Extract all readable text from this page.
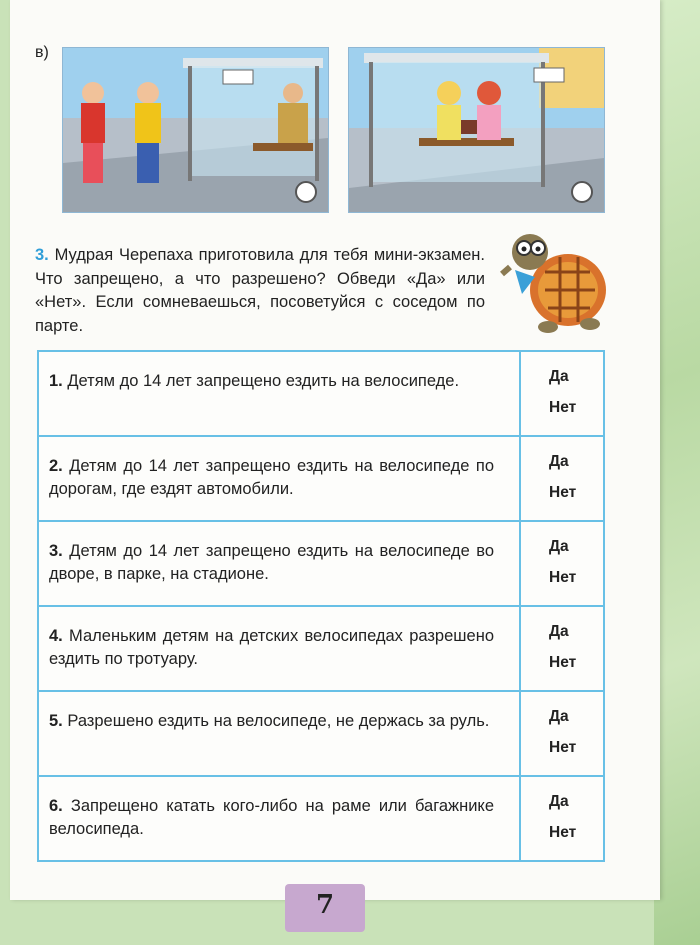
в)
3. Мудрая Черепаха приготовила для тебя мини-экзамен. Что запрещено, а что разрешено? Обведи «Да» или «Нет». Если сомневаешься, посоветуйся с соседом по парте.
1. Детям до 14 лет запрещено ездить на велосипеде.	Да
Нет
2. Детям до 14 лет запрещено ездить на велосипеде по дорогам, где ездят автомобили.
Да
Нет
3. Детям до 14 лет запрещено ездить на велосипеде во дворе, в парке, на стадионе.
Да
Нет
4. Маленьким детям на детских велосипедах разрешено ездить по тротуару.
Да
Нет
5. Разрешено ездить на велосипеде, не держась за руль.	Да
Нет
6. Запрещено катать кого-либо на раме или багажнике велосипеда.
Да
Нет
7
